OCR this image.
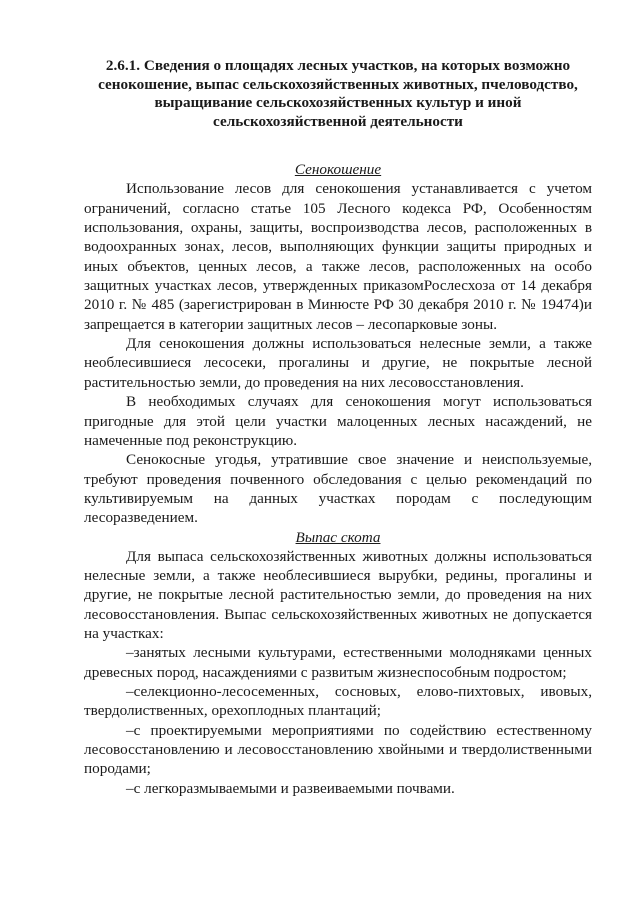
2.6.1. Сведения о площадях лесных участков, на которых возможно сенокошение, выпас сельскохозяйственных животных, пчеловодство, выращивание сельскохозяйственных культур и иной сельскохозяйственной деятельности
Сенокошение

Использование лесов для сенокошения устанавливается с учетом ограничений, согласно статье 105 Лесного кодекса РФ, Особенностям использования, охраны, защиты, воспроизводства лесов, расположенных в водоохранных зонах, лесов, выполняющих функции защиты природных и иных объектов, ценных лесов, а также лесов, расположенных на особо защитных участках лесов, утвержденных приказомРослесхоза от 14 декабря 2010 г. № 485 (зарегистрирован в Минюсте РФ 30 декабря 2010 г. № 19474)и запрещается в категории защитных лесов – лесопарковые зоны.

Для сенокошения должны использоваться нелесные земли, а также необлесившиеся лесосеки, прогалины и другие, не покрытые лесной растительностью земли, до проведения на них лесовосстановления.

В необходимых случаях для сенокошения могут использоваться пригодные для этой цели участки малоценных лесных насаждений, не намеченные под реконструкцию.

Сенокосные угодья, утратившие свое значение и неиспользуемые, требуют проведения почвенного обследования с целью рекомендаций по культивируемым на данных участках породам с последующим лесоразведением.

Выпас скота

Для выпаса сельскохозяйственных животных должны использоваться нелесные земли, а также необлесившиеся вырубки, редины, прогалины и другие, не покрытые лесной растительностью земли, до проведения на них лесовосстановления. Выпас сельскохозяйственных животных не допускается на участках:

–занятых лесными культурами, естественными молодняками ценных древесных пород, насаждениями с развитым жизнеспособным подростом;

–селекционно-лесосеменных, сосновых, елово-пихтовых, ивовых, твердолиственных, орехоплодных плантаций;

–с проектируемыми мероприятиями по содействию естественному лесовосстановлению и лесовосстановлению хвойными и твердолиственными породами;

–с легкоразмываемыми и развеиваемыми почвами.
